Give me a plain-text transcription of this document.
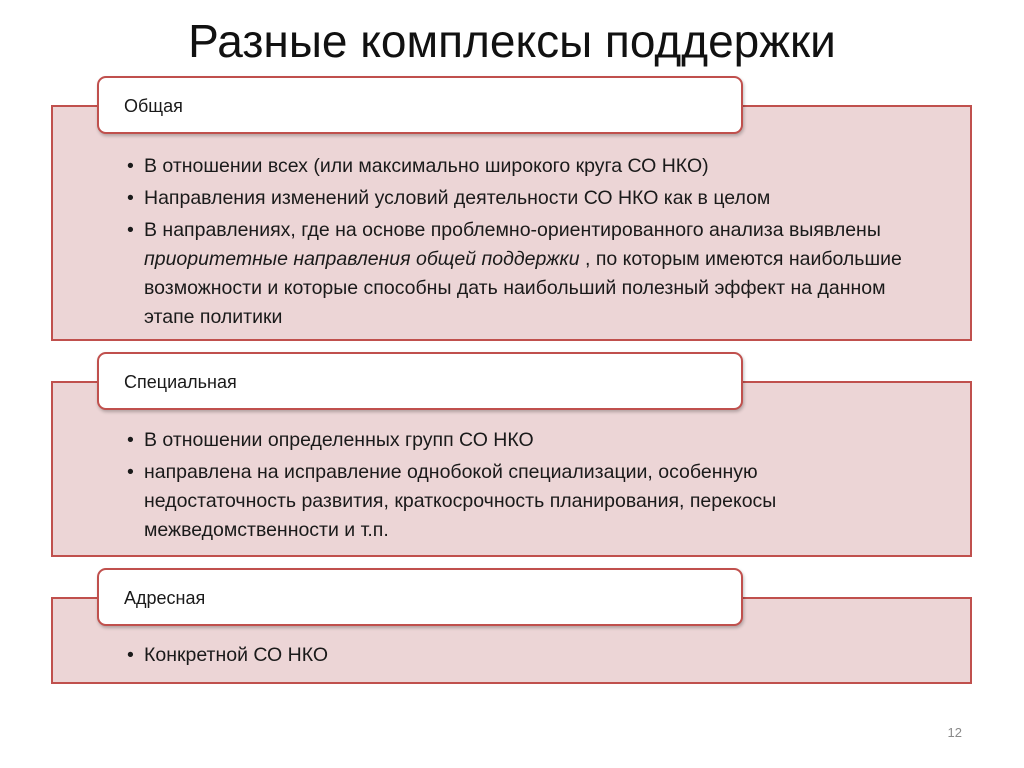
Разные комплексы поддержки
• В отношении всех (или максимально широкого круга СО НКО)
• Направления изменений условий деятельности СО НКО как в целом
• В направлениях, где на основе проблемно-ориентированного анализа выявлены приоритетные направления общей поддержки , по которым имеются наибольшие возможности и которые способны дать наибольший полезный эффект на данном этапе политики
Общая
• В отношении определенных групп СО НКО
• направлена на исправление однобокой специализации, особенную недостаточность развития, краткосрочность планирования, перекосы межведомственности и т.п.
Специальная
• Конкретной СО НКО
Адресная
12
